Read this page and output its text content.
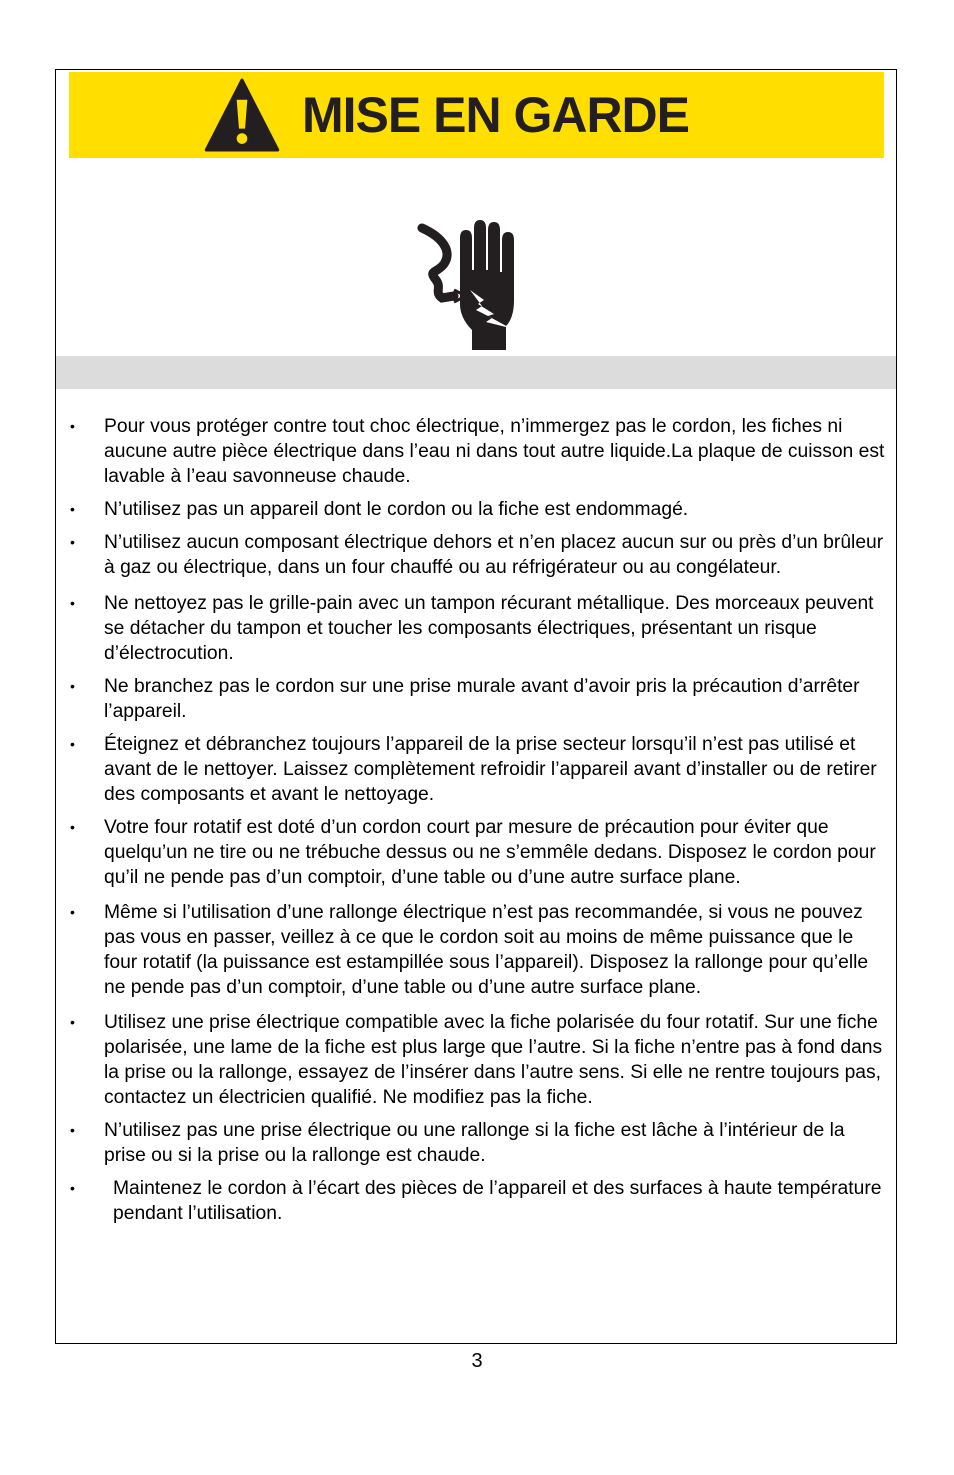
MISE EN GARDE
• Pour vous protéger contre tout choc électrique, n’immergez pas le cordon, les fiches ni aucune autre pièce électrique dans l’eau ni dans tout autre liquide.La plaque de cuisson est lavable à l’eau savonneuse chaude.
• N’utilisez pas un appareil dont le cordon ou la fiche est endommagé.
• N’utilisez aucun composant électrique dehors et n’en placez aucun sur ou près d’un brûleur à gaz ou électrique, dans un four chauffé ou au réfrigérateur ou au congélateur.
• Ne nettoyez pas le grille-pain avec un tampon récurant métallique. Des morceaux peuvent se détacher du tampon et toucher les composants électriques, présentant un risque d’électrocution.
• Ne branchez pas le cordon sur une prise murale avant d’avoir pris la précaution d’arrêter l’appareil.
• Éteignez et débranchez toujours l’appareil de la prise secteur lorsqu’il n’est pas utilisé et avant de le nettoyer. Laissez complètement refroidir l’appareil avant d’installer ou de retirer des composants et avant le nettoyage.
• Votre four rotatif est doté d’un cordon court par mesure de précaution pour éviter que quelqu’un ne tire ou ne trébuche dessus ou ne s’emmêle dedans. Disposez le cordon pour qu’il ne pende pas d’un comptoir, d’une table ou d’une autre surface plane.
• Même si l’utilisation d’une rallonge électrique n’est pas recommandée, si vous ne pouvez pas vous en passer, veillez à ce que le cordon soit au moins de même puissance que le four rotatif (la puissance est estampillée sous l’appareil). Disposez la rallonge pour qu’elle ne pende pas d’un comptoir, d’une table ou d’une autre surface plane.
• Utilisez une prise électrique compatible avec la fiche polarisée du four rotatif. Sur une fiche polarisée, une lame de la fiche est plus large que l’autre. Si la fiche n’entre pas à fond dans la prise ou la rallonge, essayez de l’insérer dans l’autre sens. Si elle ne rentre toujours pas, contactez un électricien qualifié. Ne modifiez pas la fiche.
• N’utilisez pas une prise électrique ou une rallonge si la fiche est lâche à l’intérieur de la prise ou si la prise ou la rallonge est chaude.
• Maintenez le cordon à l’écart des pièces de l’appareil et des surfaces à haute température pendant l’utilisation.
3
